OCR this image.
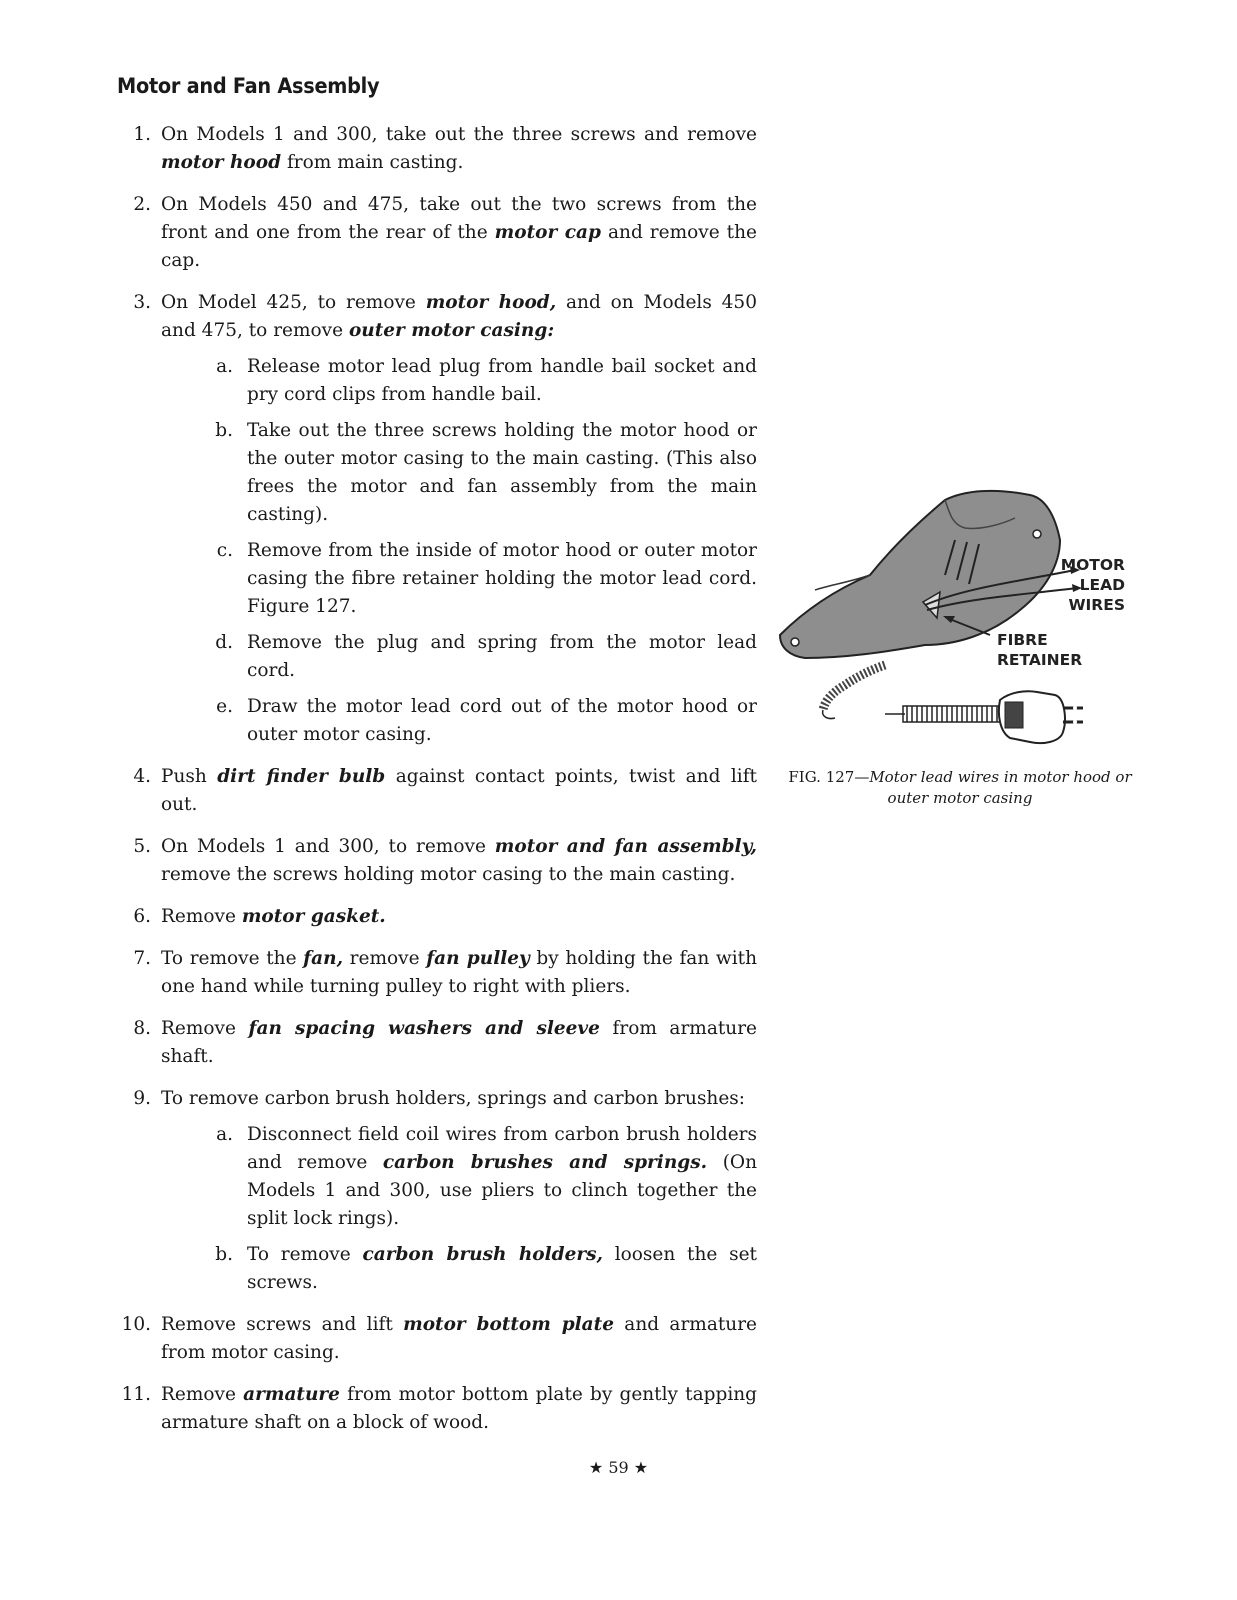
Motor and Fan Assembly
1. On Models 1 and 300, take out the three screws and remove motor hood from main casting.
2. On Models 450 and 475, take out the two screws from the front and one from the rear of the motor cap and remove the cap.
3. On Model 425, to remove motor hood, and on Models 450 and 475, to remove outer motor casing:
a. Release motor lead plug from handle bail socket and pry cord clips from handle bail.
b. Take out the three screws holding the motor hood or the outer motor casing to the main casting. (This also frees the motor and fan assembly from the main casting).
c. Remove from the inside of motor hood or outer motor casing the fibre retainer holding the motor lead cord. Figure 127.
d. Remove the plug and spring from the motor lead cord.
e. Draw the motor lead cord out of the motor hood or outer motor casing.
4. Push dirt finder bulb against contact points, twist and lift out.
5. On Models 1 and 300, to remove motor and fan assembly, remove the screws holding motor casing to the main casting.
6. Remove motor gasket.
7. To remove the fan, remove fan pulley by holding the fan with one hand while turning pulley to right with pliers.
8. Remove fan spacing washers and sleeve from armature shaft.
9. To remove carbon brush holders, springs and carbon brushes:
a. Disconnect field coil wires from carbon brush holders and remove carbon brushes and springs. (On Models 1 and 300, use pliers to clinch together the split lock rings).
b. To remove carbon brush holders, loosen the set screws.
10. Remove screws and lift motor bottom plate and armature from motor casing.
11. Remove armature from motor bottom plate by gently tapping armature shaft on a block of wood.
MOTOR
LEAD
WIRES
FIBRE RETAINER
FIG. 127—Motor lead wires in motor hood or outer motor casing
★ 59 ★
